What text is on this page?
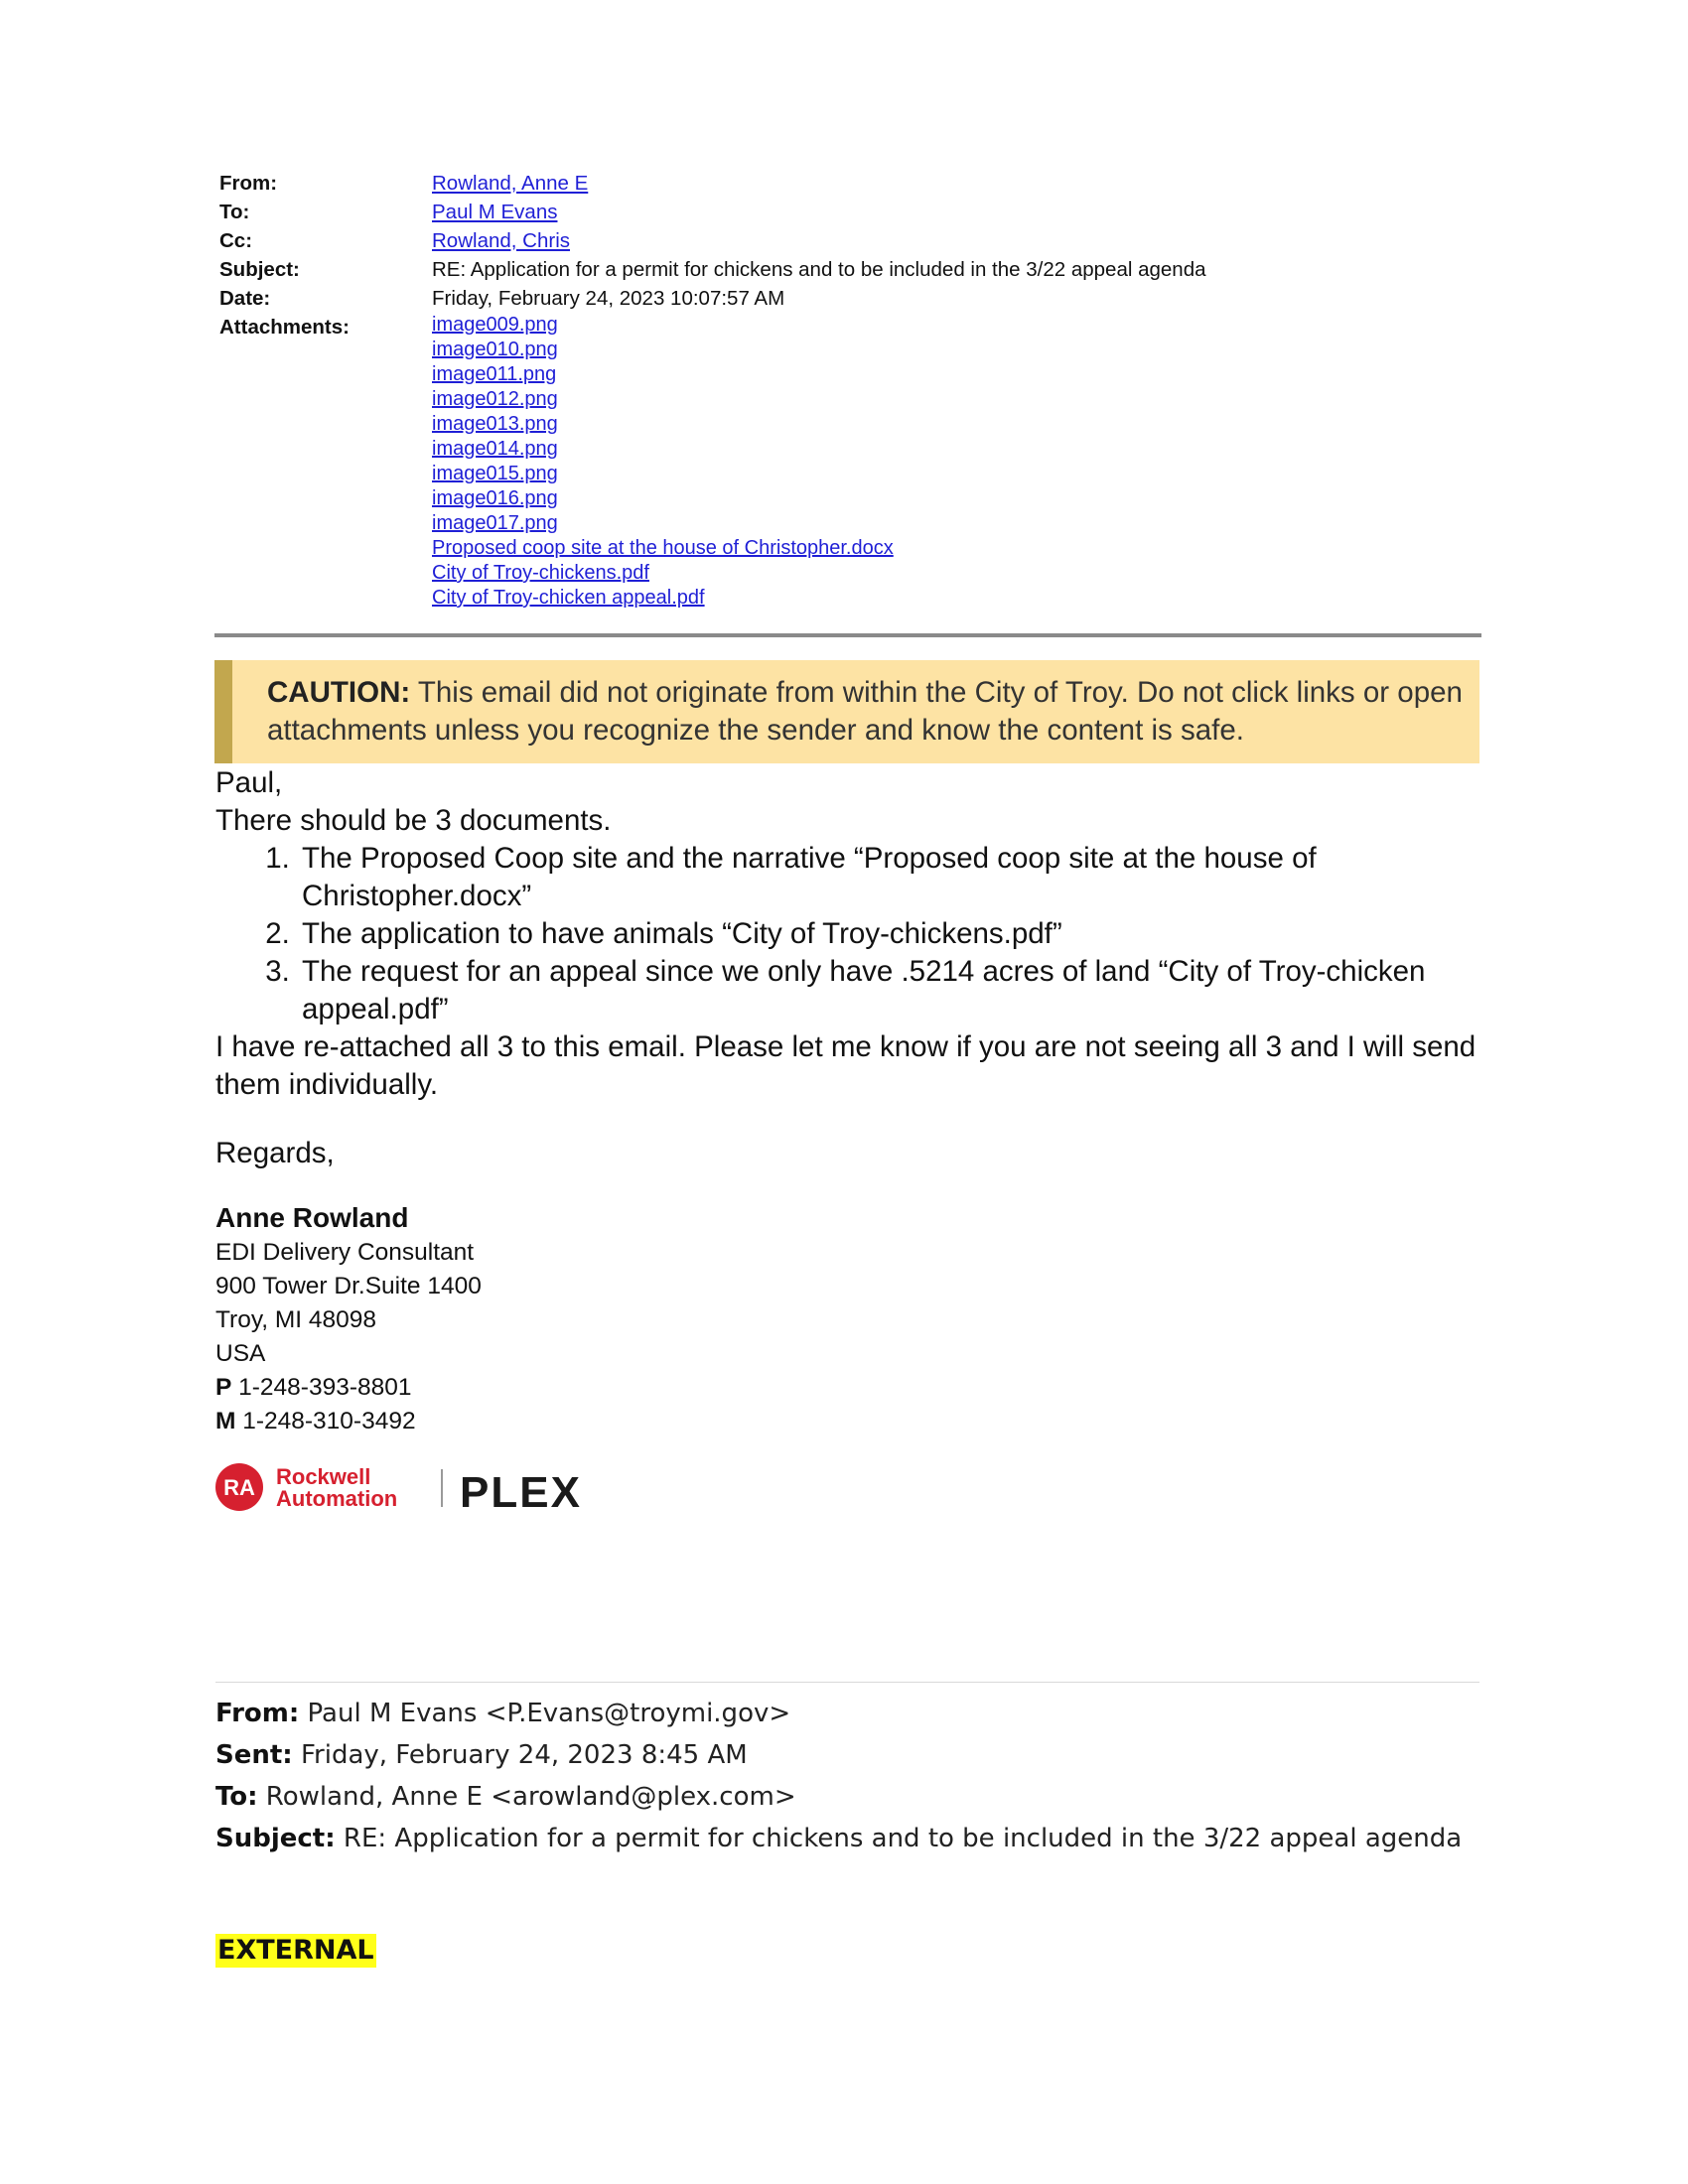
From:	Rowland, Anne E
To:	Paul M Evans
Cc:	Rowland, Chris
Subject:	RE: Application for a permit for chickens and to be included in the 3/22 appeal agenda
Date:	Friday, February 24, 2023 10:07:57 AM
Attachments:	image009.png
image010.png
image011.png
image012.png
image013.png
image014.png
image015.png
image016.png
image017.png
Proposed coop site at the house of Christopher.docx
City of Troy-chickens.pdf
City of Troy-chicken appeal.pdf
CAUTION: This email did not originate from within the City of Troy. Do not click links or open attachments unless you recognize the sender and know the content is safe.

Paul,

There should be 3 documents.

1. The Proposed Coop site and the narrative “Proposed coop site at the house of Christopher.docx”
2. The application to have animals “City of Troy-chickens.pdf”
3. The request for an appeal since we only have .5214 acres of land “City of Troy-chicken appeal.pdf”

I have re-attached all 3 to this email. Please let me know if you are not seeing all 3 and I will send them individually.

Regards,

Anne Rowland
EDI Delivery Consultant
900 Tower Dr.Suite 1400
Troy, MI 48098
USA
P 1-248-393-8801
M 1-248-310-3492
RA Rockwell
Automation PLEX
From: Paul M Evans <P.Evans@troymi.gov>
Sent: Friday, February 24, 2023 8:45 AM
To: Rowland, Anne E <arowland@plex.com>
Subject: RE: Application for a permit for chickens and to be included in the 3/22 appeal agenda
EXTERNAL
